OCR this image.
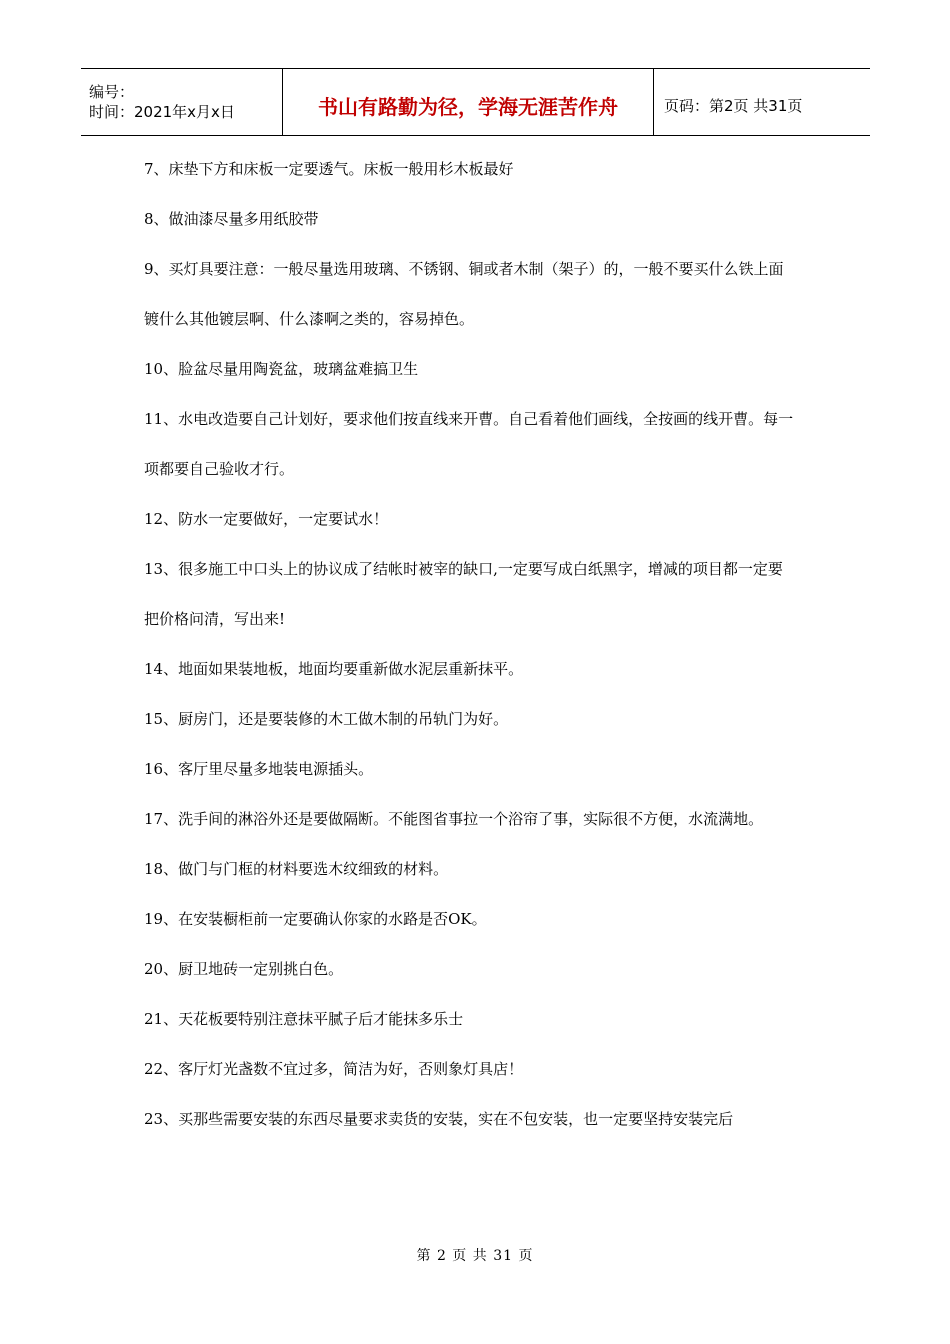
编号：
时间：2021年x月x日	书山有路勤为径，学海无涯苦作舟	页码：第2页 共31页

7、床垫下方和床板一定要透气。床板一般用杉木板最好

8、做油漆尽量多用纸胶带

9、买灯具要注意：一般尽量选用玻璃、不锈钢、铜或者木制（架子）的，一般不要买什么铁上面

镀什么其他镀层啊、什么漆啊之类的，容易掉色。

10、脸盆尽量用陶瓷盆，玻璃盆难搞卫生

11、水电改造要自己计划好，要求他们按直线来开曹。自己看着他们画线，全按画的线开曹。每一

项都要自己验收才行。

12、防水一定要做好，一定要试水！

13、很多施工中口头上的协议成了结帐时被宰的缺口,一定要写成白纸黑字，增减的项目都一定要

把价格问清，写出来!

14、地面如果装地板，地面均要重新做水泥层重新抹平。

15、厨房门，还是要装修的木工做木制的吊轨门为好。

16、客厅里尽量多地装电源插头。

17、洗手间的淋浴外还是要做隔断。不能图省事拉一个浴帘了事，实际很不方便，水流满地。

18、做门与门框的材料要选木纹细致的材料。

19、在安装橱柜前一定要确认你家的水路是否OK。

20、厨卫地砖一定别挑白色。

21、天花板要特别注意抹平腻子后才能抹多乐士

22、客厅灯光盏数不宜过多，简洁为好，否则象灯具店！

23、买那些需要安装的东西尽量要求卖货的安装，实在不包安装，也一定要坚持安装完后

第 2 页 共 31 页
